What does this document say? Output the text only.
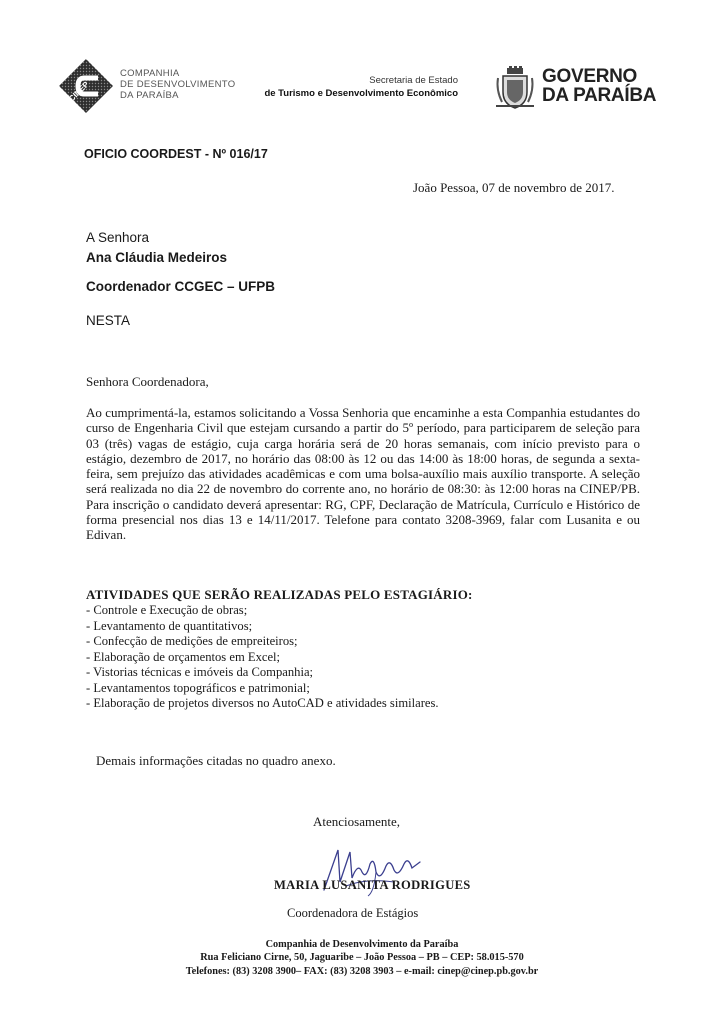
CINEP
COMPANHIA
DE DESENVOLVIMENTO
DA PARAÍBA
Secretaria de Estado
de Turismo e Desenvolvimento Econômico
GOVERNO
DA PARAÍBA
OFICIO COORDEST - Nº 016/17
João Pessoa, 07 de novembro de 2017.
A Senhora
Ana Cláudia Medeiros
Coordenador CCGEC – UFPB
NESTA
Senhora Coordenadora,
Ao cumprimentá-la, estamos solicitando a Vossa Senhoria que encaminhe a esta Companhia estudantes do curso de Engenharia Civil que estejam cursando a partir do 5º período, para participarem de seleção para 03 (três) vagas de estágio, cuja carga horária será de 20 horas semanais, com início previsto para o estágio, dezembro de 2017, no horário das 08:00 às 12 ou das 14:00 às 18:00 horas, de segunda a sexta-feira, sem prejuízo das atividades acadêmicas e com uma bolsa-auxílio mais auxílio transporte. A seleção será realizada no dia 22 de novembro do corrente ano, no horário de 08:30: às 12:00 horas na CINEP/PB. Para inscrição o candidato deverá apresentar: RG, CPF, Declaração de Matrícula, Currículo e Histórico de forma presencial nos dias 13 e 14/11/2017. Telefone para contato 3208-3969, falar com Lusanita e ou Edivan.
ATIVIDADES QUE SERÃO REALIZADAS PELO ESTAGIÁRIO:
- Controle e Execução de obras;
- Levantamento de quantitativos;
- Confecção de medições de empreiteiros;
- Elaboração de orçamentos em Excel;
- Vistorias técnicas e imóveis da Companhia;
- Levantamentos topográficos e patrimonial;
- Elaboração de projetos diversos no AutoCAD e atividades similares.
Demais informações citadas no quadro anexo.
Atenciosamente,
MARIA LUSANITA RODRIGUES
Coordenadora de Estágios
Companhia de Desenvolvimento da Paraíba
Rua Feliciano Cirne, 50, Jaguaribe – João Pessoa – PB – CEP: 58.015-570
Telefones: (83) 3208 3900– FAX: (83) 3208 3903 – e-mail: cinep@cinep.pb.gov.br
